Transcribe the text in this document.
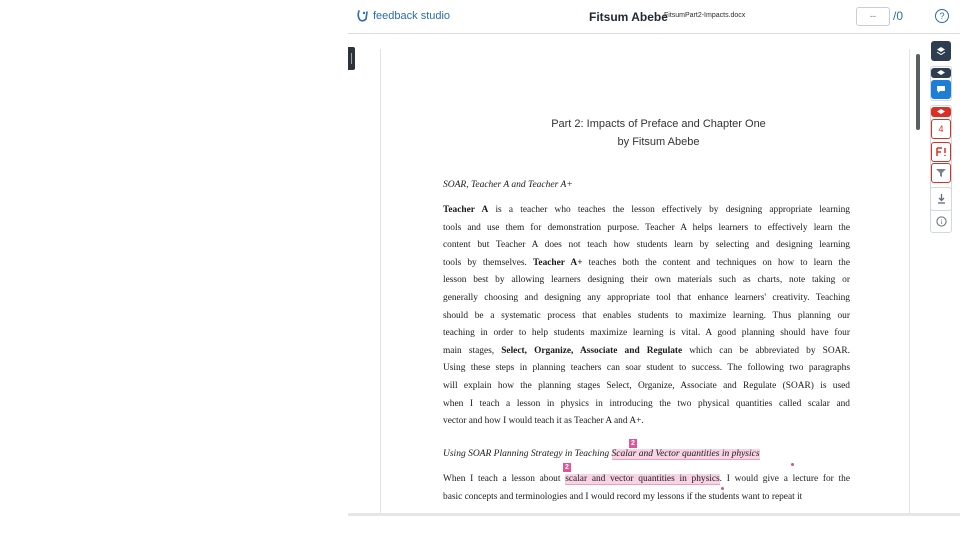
feedback studio	Fitsum Abebe
FitsumPart2-Impacts.docx	--	/0	?
Part 2: Impacts of Preface and Chapter One
by Fitsum Abebe
SOAR, Teacher A and Teacher A+
Teacher A is a teacher who teaches the lesson effectively by designing appropriate learning
tools and use them for demonstration purpose. Teacher A helps learners to effectively learn the
content but Teacher A does not teach how students learn by selecting and designing learning
tools by themselves. Teacher A+ teaches both the content and techniques on how to learn the
lesson best by allowing learners designing their own materials such as charts, note taking or
generally choosing and designing any appropriate tool that enhance learners' creativity. Teaching
should be a systematic process that enables students to maximize learning. Thus planning our
teaching in order to help students maximize learning is vital. A good planning should have four
main stages, Select, Organize, Associate and Regulate which can be abbreviated by SOAR.
Using these steps in planning teachers can soar student to success. The following two paragraphs
will explain how the planning stages Select, Organize, Associate and Regulate (SOAR) is used
when I teach a lesson in physics in introducing the two physical quantities called scalar and
vector and how I would teach it as Teacher A and A+.
2
Using SOAR Planning Strategy in Teaching Scalar and Vector quantities in physics
2
When I teach a lesson about scalar and vector quantities in physics. I would give a lecture for the
basic concepts and terminologies and I would record my lessons if the students want to repeat it
4
i
